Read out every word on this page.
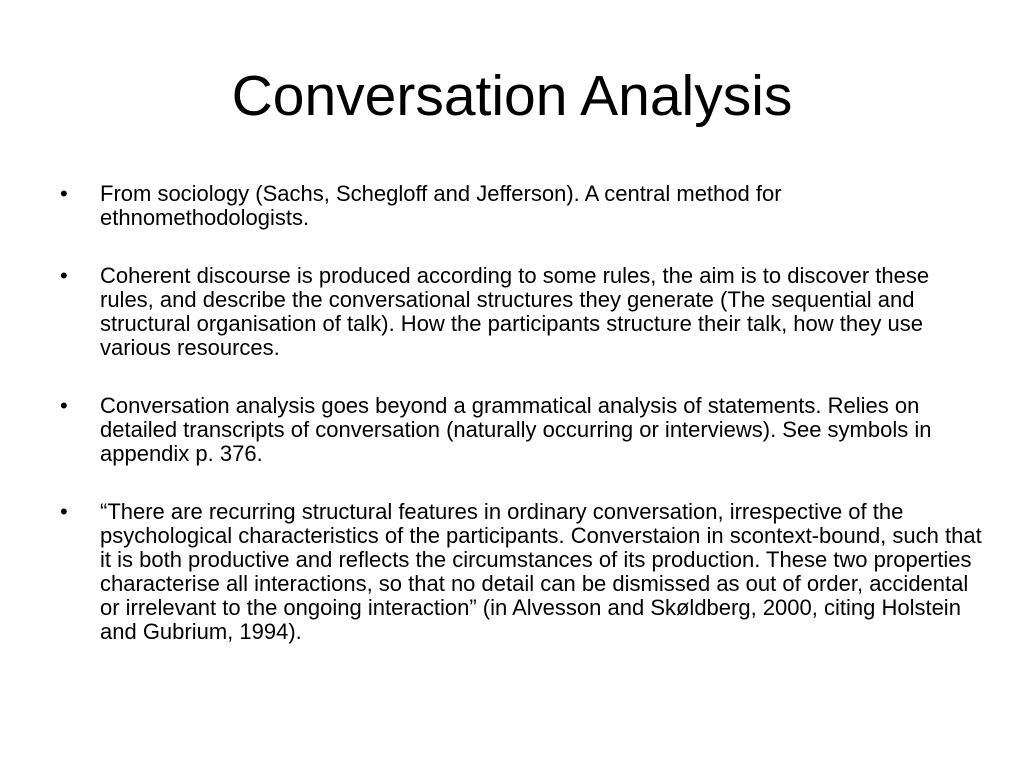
Conversation Analysis
• From sociology (Sachs, Schegloff and Jefferson). A central method for ethnomethodologists.
• Coherent discourse is produced according to some rules, the aim is to discover these rules, and describe the conversational structures they generate (The sequential and structural organisation of talk). How the participants structure their talk, how they use various resources.
• Conversation analysis goes beyond a grammatical analysis of statements. Relies on detailed transcripts of conversation (naturally occurring or interviews). See symbols in appendix p. 376.
• “There are recurring structural features in ordinary conversation, irrespective of the psychological characteristics of the participants. Converstaion in scontext-bound, such that it is both productive and reflects the circumstances of its production. These two properties characterise all interactions, so that no detail can be dismissed as out of order, accidental or irrelevant to the ongoing interaction” (in Alvesson and Skøldberg, 2000, citing Holstein and Gubrium, 1994).
